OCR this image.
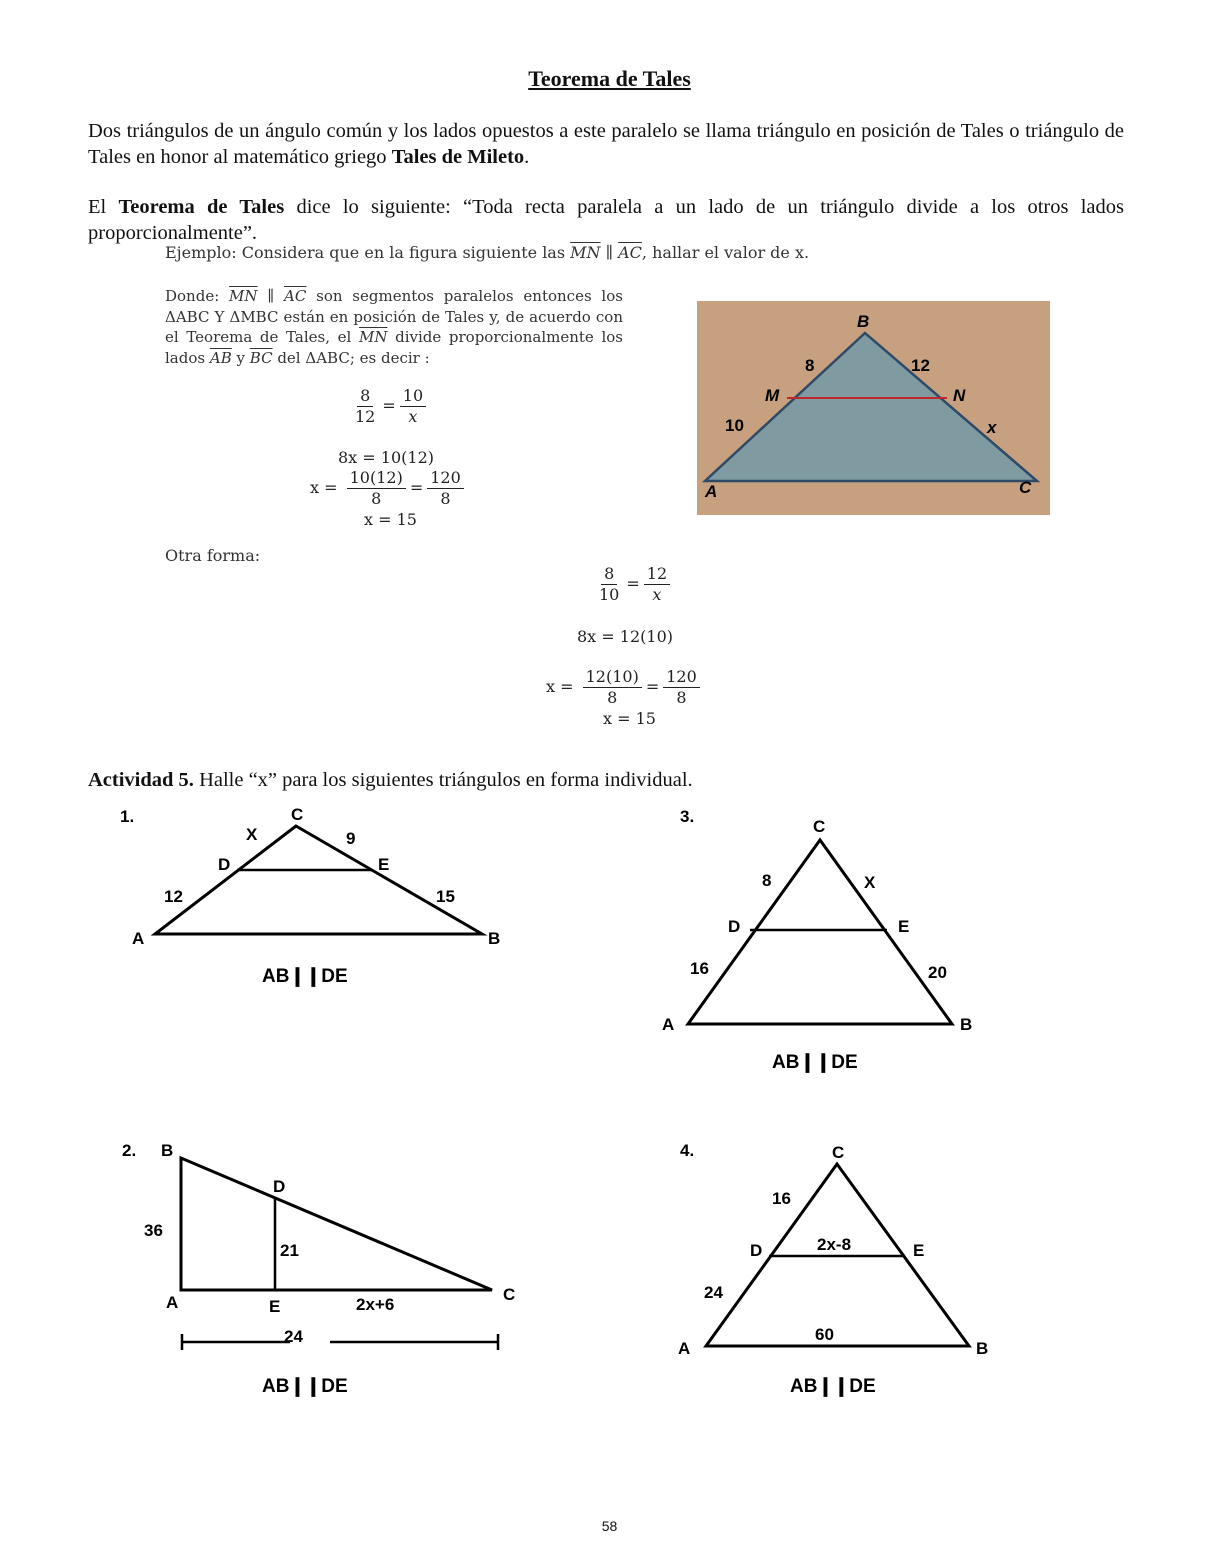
Teorema de Tales
Dos triángulos de un ángulo común y los lados opuestos a este paralelo se llama triángulo en posición de Tales o triángulo de Tales en honor al matemático griego Tales de Mileto.
El Teorema de Tales dice lo siguiente: “Toda recta paralela a un lado de un triángulo divide a los otros lados proporcionalmente”.
Ejemplo: Considera que en la figura siguiente las $\overline{MN}$ ∥ $\overline{AC}$, hallar el valor de x.
Donde: $\overline{MN}$ ∥ $\overline{AC}$ son segmentos paralelos entonces los ΔABC Y ΔMBC están en posición de Tales y, de acuerdo con el Teorema de Tales, el $\overline{MN}$ divide proporcionalmente los lados $\overline{AB}$ y $\overline{BC}$ del ΔABC; es decir :
$\frac{8}{12} = \frac{10}{x}$
8x = 10(12)
$x = \frac{10(12)}{8} = \frac{120}{8}$
x = 15
B
M	N
8	12
10	x
A	C
Otra forma:
$\frac{8}{10} = \frac{12}{x}$
8x = 12(10)
$x = \frac{12(10)}{8} = \frac{120}{8}$
x = 15
Actividad 5. Halle “x” para los siguientes triángulos en forma individual.
1.	C
D	E
A	B
X	9
12	15
AB❙❙DE
3.
C
D	E
A	B
8	X
16	20
AB❙❙DE
2. B
D
A	E
C
36
21
2x+6
24
AB❙❙DE
4.	C
D	E
A	B
16
2x-8
24
60
AB❙❙DE
58
